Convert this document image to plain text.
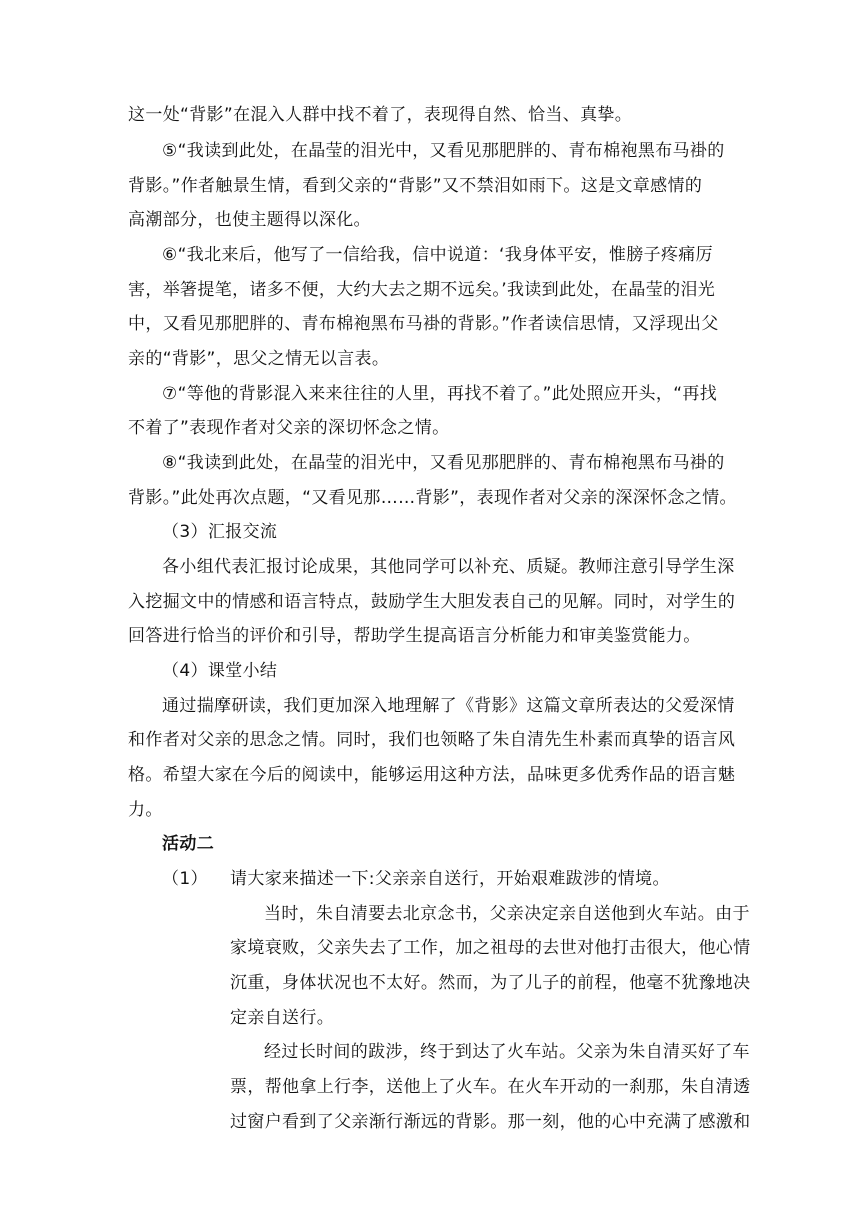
这一处“背影”在混入人群中找不着了，表现得自然、恰当、真挚。
⑤“我读到此处，在晶莹的泪光中，又看见那肥胖的、青布棉袍黑布马褂的
背影。”作者触景生情，看到父亲的“背影”又不禁泪如雨下。这是文章感情的
高潮部分，也使主题得以深化。
⑥“我北来后，他写了一信给我，信中说道：‘我身体平安，惟膀子疼痛厉
害，举箸提笔，诸多不便，大约大去之期不远矣。’我读到此处，在晶莹的泪光
中，又看见那肥胖的、青布棉袍黑布马褂的背影。”作者读信思情，又浮现出父
亲的“背影”，思父之情无以言表。
⑦“等他的背影混入来来往往的人里，再找不着了。”此处照应开头，“再找
不着了”表现作者对父亲的深切怀念之情。
⑧“我读到此处，在晶莹的泪光中，又看见那肥胖的、青布棉袍黑布马褂的
背影。”此处再次点题，“又看见那……背影”，表现作者对父亲的深深怀念之情。
（3）汇报交流
各小组代表汇报讨论成果，其他同学可以补充、质疑。教师注意引导学生深
入挖掘文中的情感和语言特点，鼓励学生大胆发表自己的见解。同时，对学生的
回答进行恰当的评价和引导，帮助学生提高语言分析能力和审美鉴赏能力。
（4）课堂小结
通过揣摩研读，我们更加深入地理解了《背影》这篇文章所表达的父爱深情
和作者对父亲的思念之情。同时，我们也领略了朱自清先生朴素而真挚的语言风
格。希望大家在今后的阅读中，能够运用这种方法，品味更多优秀作品的语言魅
力。
活动二
（1） 请大家来描述一下:父亲亲自送行，开始艰难跋涉的情境。
当时，朱自清要去北京念书，父亲决定亲自送他到火车站。由于
家境衰败，父亲失去了工作，加之祖母的去世对他打击很大，他心情
沉重，身体状况也不太好。然而，为了儿子的前程，他毫不犹豫地决
定亲自送行。
经过长时间的跋涉，终于到达了火车站。父亲为朱自清买好了车
票，帮他拿上行李，送他上了火车。在火车开动的一刹那，朱自清透
过窗户看到了父亲渐行渐远的背影。那一刻，他的心中充满了感激和
